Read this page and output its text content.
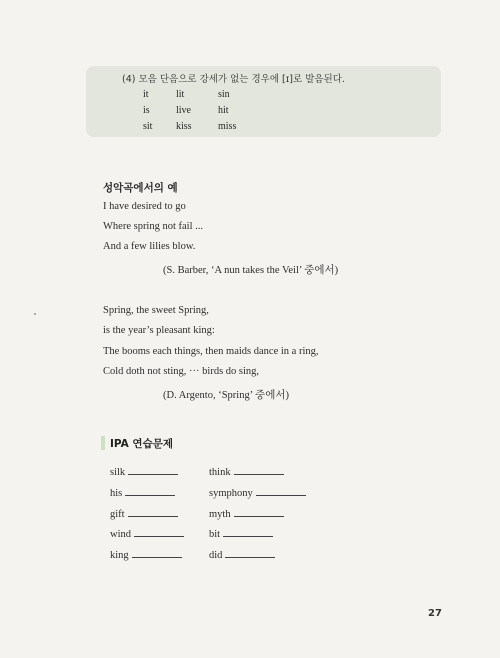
(4) 모음 단음으로 강세가 없는 경우에 [ɪ]로 발음된다.
it	lit	sin
is	live	hit
sit kiss	miss
성악곡에서의 예
I have desired to go
Where spring not fail ...
And a few lilies blow.
(S. Barber, ‘A nun takes the Veil’ 중에서)
Spring, the sweet Spring,
is the year’s pleasant king:
The booms each things, then maids dance in a ring,
Cold doth not sting, ··· birds do sing,
(D. Argento, ‘Spring’ 중에서)
IPA 연습문제
silk
his
gift
wind
king
think
symphony
myth
bit
did
27
